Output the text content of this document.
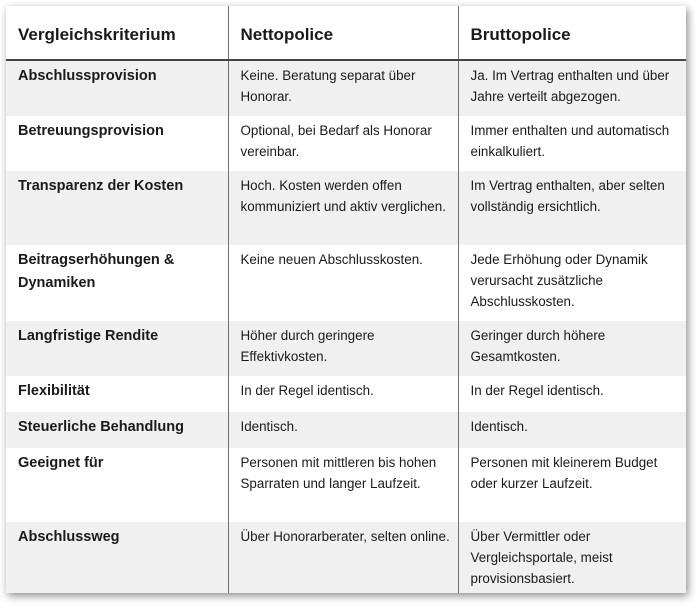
Vergleichskriterium	Nettopolice	Bruttopolice
Abschlussprovision	Keine. Beratung separat über Honorar.	Ja. Im Vertrag enthalten und über Jahre verteilt abgezogen.
Betreuungsprovision	Optional, bei Bedarf als Honorar vereinbar.	Immer enthalten und automatisch einkalkuliert.
Transparenz der Kosten	Hoch. Kosten werden offen kommuniziert und aktiv verglichen.	Im Vertrag enthalten, aber selten vollständig ersichtlich.
Beitragserhöhungen & Dynamiken	Keine neuen Abschlusskosten.	Jede Erhöhung oder Dynamik verursacht zusätzliche Abschlusskosten.
Langfristige Rendite	Höher durch geringere Effektivkosten.	Geringer durch höhere Gesamtkosten.
Flexibilität	In der Regel identisch.	In der Regel identisch.
Steuerliche Behandlung	Identisch.	Identisch.
Geeignet für	Personen mit mittleren bis hohen Sparraten und langer Laufzeit.	Personen mit kleinerem Budget oder kurzer Laufzeit.
Abschlussweg	Über Honorarberater, selten online.	Über Vermittler oder Vergleichsportale, meist provisionsbasiert.
